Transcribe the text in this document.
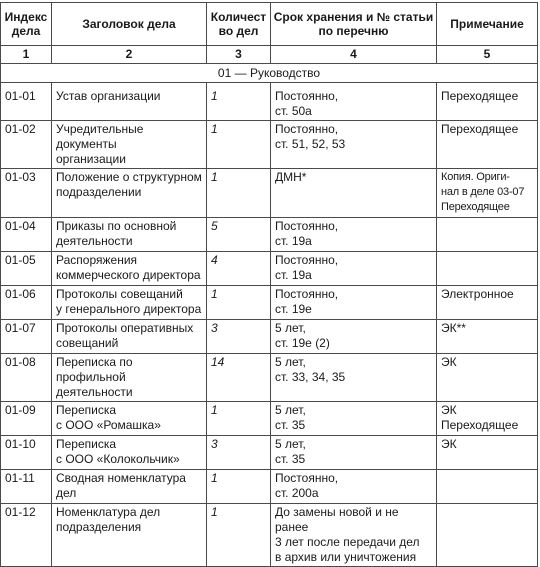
Индекс дела	Заголовок дела	Количество дел	Срок хранения и № статьи по перечню	Примечание
1	2	3	4	5
01 — Руководство				
01-01	Устав организации	1	Постоянно,
ст. 50а	Переходящее

01-02	Учредительные документы
организации	1	Постоянно,
ст. 51, 52, 53	Переходящее

01-03	Положение о структурном
подразделении	1	ДМН*	Копия. Ориги-
нал в деле 03-07
Переходящее

01-04	Приказы по основной
деятельности	5	Постоянно,
ст. 19а	

01-05	Распоряжения
коммерческого директора	4	Постоянно,
ст. 19а	

01-06	Протоколы совещаний
у генерального директора	1	Постоянно,
ст. 19е	Электронное

01-07	Протоколы оперативных
совещаний	3	5 лет,
ст. 19е (2)	ЭК**

01-08	Переписка по профильной
деятельности	14	5 лет,
ст. 33, 34, 35	ЭК

01-09	Переписка
с ООО «Ромашка»	1	5 лет,
ст. 35	ЭК
Переходящее

01-10	Переписка
с ООО «Колокольчик»	3	5 лет,
ст. 35	ЭК

01-11	Сводная номенклатура дел	1	Постоянно,
ст. 200а	

01-12	Номенклатура дел
подразделения	1	До замены новой и не ранее
3 лет после передачи дел
в архив или уничтожения	
